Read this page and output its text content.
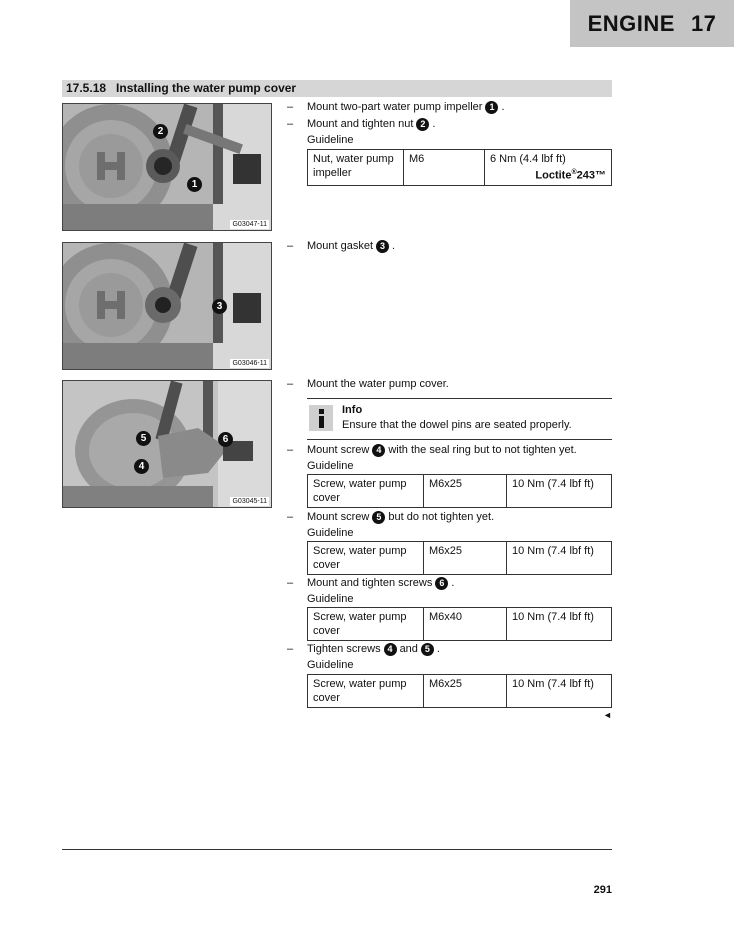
ENGINE 17
17.5.18 Installing the water pump cover
2
1
G03047-11
3
G03046-11
5	6
4
G03045-11
–	Mount two-part water pump impeller 1 .
–	Mount and tighten nut 2 .
Guideline
Nut, water pump impeller	M6	6 Nm (4.4 lbf ft)
Loctite®243™
–	Mount gasket 3 .
–	Mount the water pump cover.
Info
Ensure that the dowel pins are seated properly.
–	Mount screw 4 with the seal ring but to not tighten yet.
Guideline
Screw, water pump cover	M6x25	10 Nm (7.4 lbf ft)
–	Mount screw 5 but do not tighten yet.
Guideline
Screw, water pump cover	M6x25	10 Nm (7.4 lbf ft)
–	Mount and tighten screws 6 .
Guideline
Screw, water pump cover	M6x40	10 Nm (7.4 lbf ft)
–	Tighten screws 4 and 5 .
Guideline
Screw, water pump cover	M6x25	10 Nm (7.4 lbf ft)
◄
291
